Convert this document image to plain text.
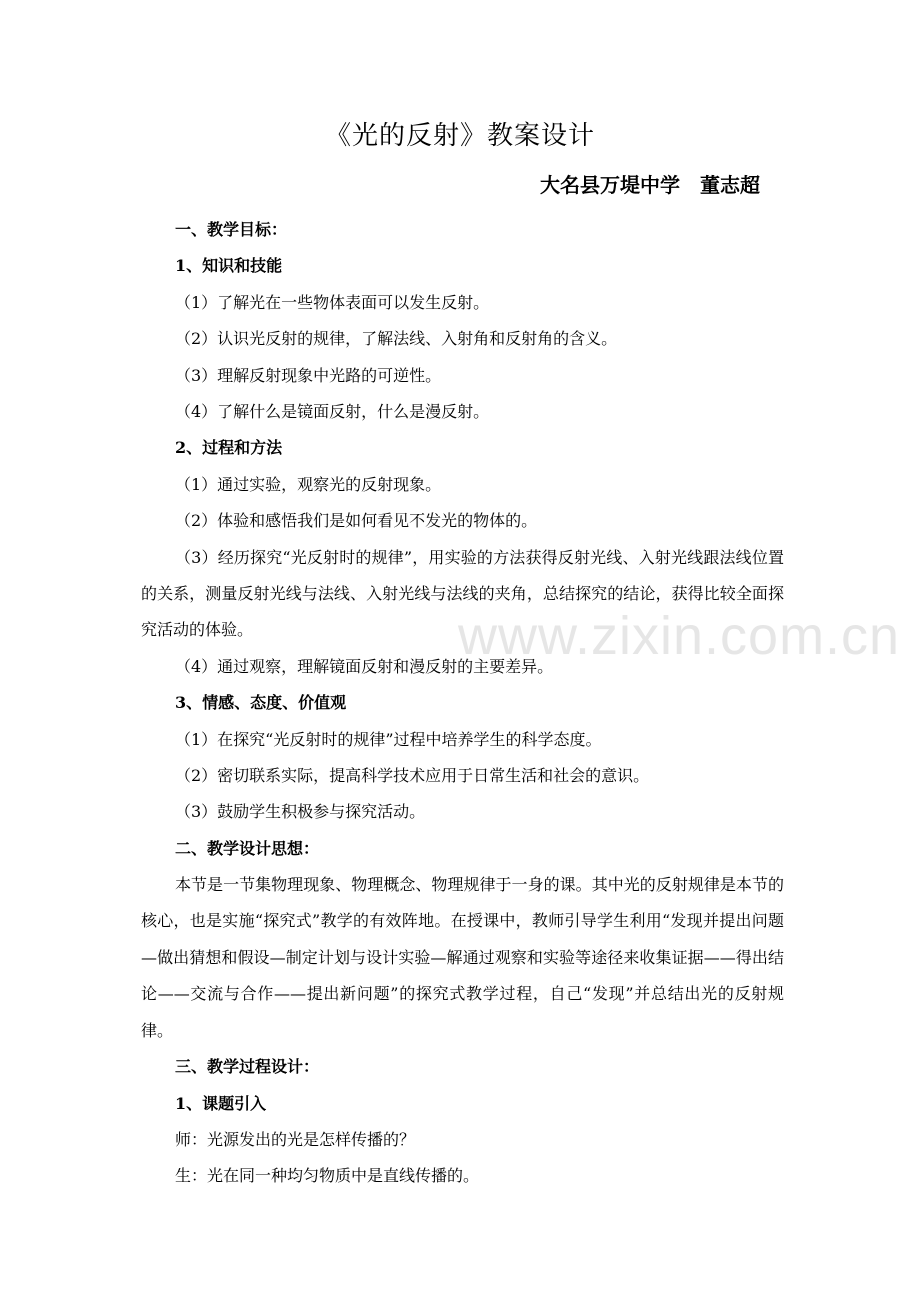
www.zixin.com.cn
《光的反射》教案设计
大名县万堤中学　董志超
一、教学目标：
1、知识和技能
（1）了解光在一些物体表面可以发生反射。
（2）认识光反射的规律，了解法线、入射角和反射角的含义。
（3）理解反射现象中光路的可逆性。
（4）了解什么是镜面反射，什么是漫反射。
2、过程和方法
（1）通过实验，观察光的反射现象。
（2）体验和感悟我们是如何看见不发光的物体的。

（3）经历探究“光反射时的规律”，用实验的方法获得反射光线、入射光线跟法线位置的关系，测量反射光线与法线、入射光线与法线的夹角，总结探究的结论，获得比较全面探究活动的体验。

（4）通过观察，理解镜面反射和漫反射的主要差异。
3、情感、态度、价值观
（1）在探究“光反射时的规律”过程中培养学生的科学态度。
（2）密切联系实际，提高科学技术应用于日常生活和社会的意识。
（3）鼓励学生积极参与探究活动。
二、教学设计思想：

本节是一节集物理现象、物理概念、物理规律于一身的课。其中光的反射规律是本节的核心，也是实施“探究式”教学的有效阵地。在授课中，教师引导学生利用“发现并提出问题—做出猜想和假设—制定计划与设计实验—解通过观察和实验等途径来收集证据——得出结论——交流与合作——提出新问题”的探究式教学过程，自己“发现”并总结出光的反射规律。

三、教学过程设计：
1、课题引入
师：光源发出的光是怎样传播的？
生：光在同一种均匀物质中是直线传播的。
